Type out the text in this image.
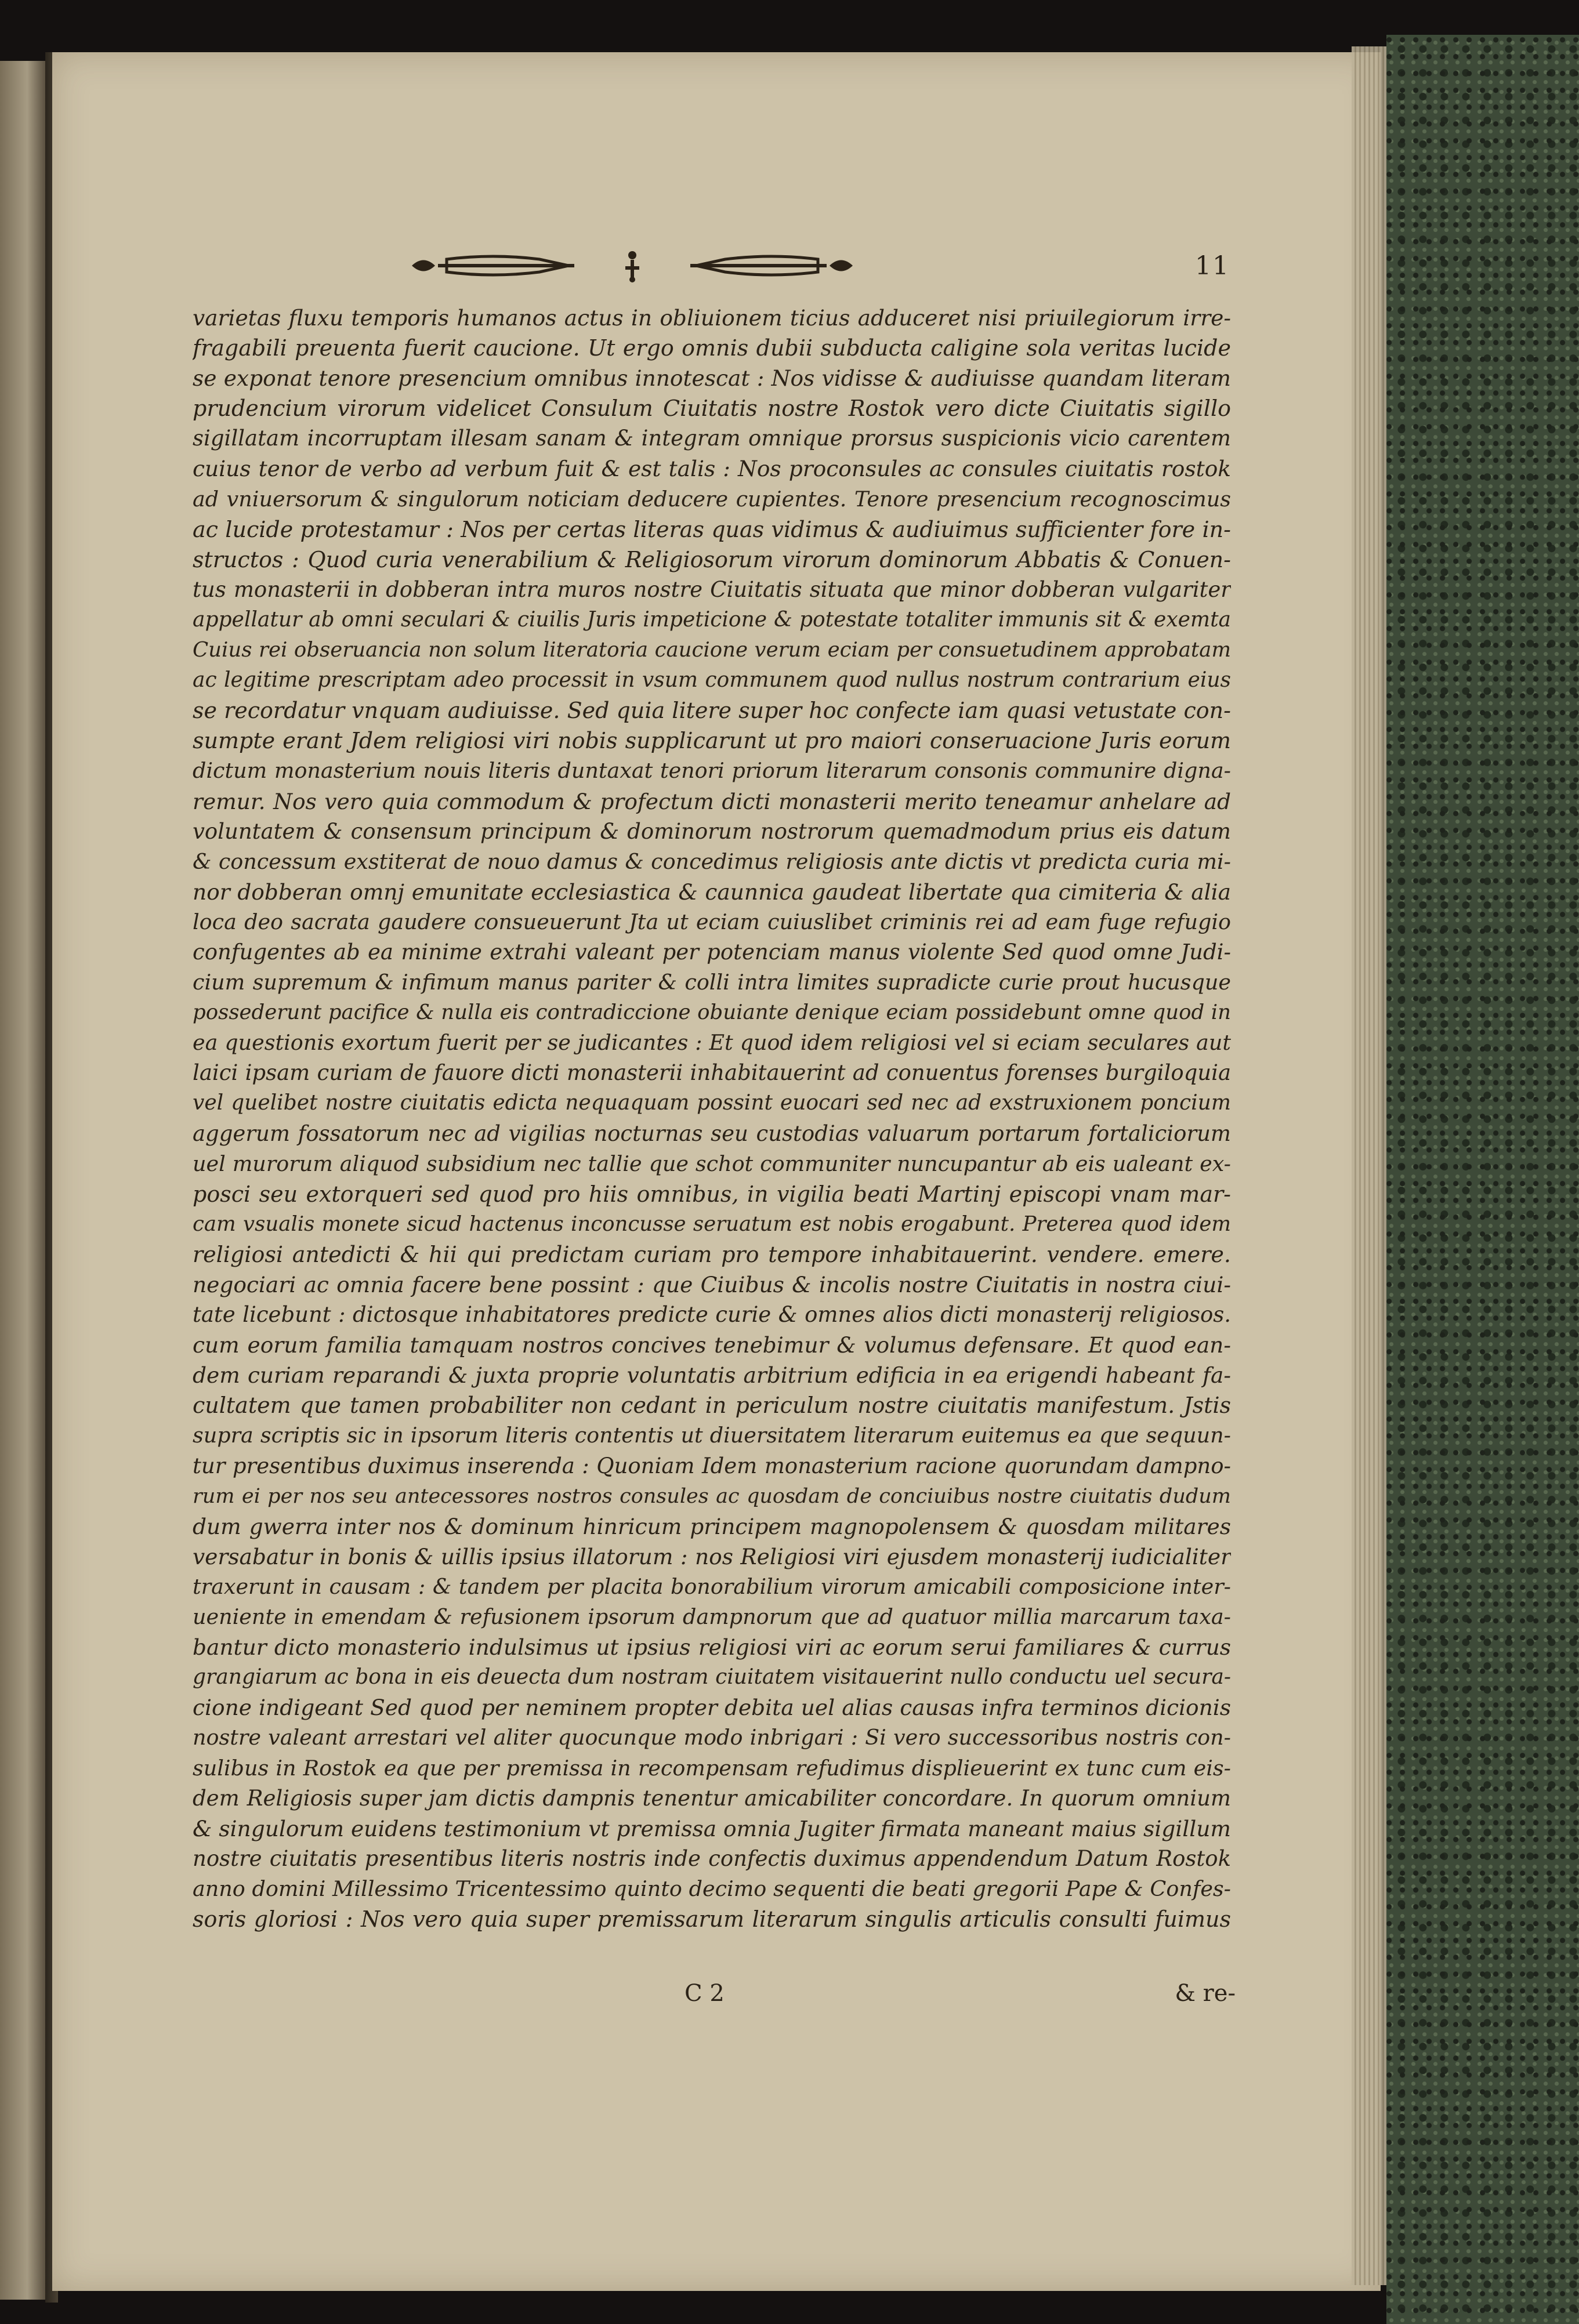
11
varietas fluxu temporis humanos actus in obliuionem ticius adduceret nisi priuilegiorum irre-
fragabili preuenta fuerit caucione. Ut ergo omnis dubii subducta caligine sola veritas lucide
se exponat tenore presencium omnibus innotescat : Nos vidisse & audiuisse quandam literam
prudencium virorum videlicet Consulum Ciuitatis nostre Rostok vero dicte Ciuitatis sigillo
sigillatam incorruptam illesam sanam & integram omnique prorsus suspicionis vicio carentem
cuius tenor de verbo ad verbum fuit & est talis : Nos proconsules ac consules ciuitatis rostok
ad vniuersorum & singulorum noticiam deducere cupientes. Tenore presencium recognoscimus
ac lucide protestamur : Nos per certas literas quas vidimus & audiuimus sufficienter fore in-
structos : Quod curia venerabilium & Religiosorum virorum dominorum Abbatis & Conuen-
tus monasterii in dobberan intra muros nostre Ciuitatis situata que minor dobberan vulgariter
appellatur ab omni seculari & ciuilis Juris impeticione & potestate totaliter immunis sit & exemta
Cuius rei obseruancia non solum literatoria caucione verum eciam per consuetudinem approbatam
ac legitime prescriptam adeo processit in vsum communem quod nullus nostrum contrarium eius
se recordatur vnquam audiuisse. Sed quia litere super hoc confecte iam quasi vetustate con-
sumpte erant Jdem religiosi viri nobis supplicarunt ut pro maiori conseruacione Juris eorum
dictum monasterium nouis literis duntaxat tenori priorum literarum consonis communire digna-
remur. Nos vero quia commodum & profectum dicti monasterii merito teneamur anhelare ad
voluntatem & consensum principum & dominorum nostrorum quemadmodum prius eis datum
& concessum exstiterat de nouo damus & concedimus religiosis ante dictis vt predicta curia mi-
nor dobberan omnj emunitate ecclesiastica & caunnica gaudeat libertate qua cimiteria & alia
loca deo sacrata gaudere consueuerunt Jta ut eciam cuiuslibet criminis rei ad eam fuge refugio
confugentes ab ea minime extrahi valeant per potenciam manus violente Sed quod omne Judi-
cium supremum & infimum manus pariter & colli intra limites supradicte curie prout hucusque
possederunt pacifice & nulla eis contradiccione obuiante denique eciam possidebunt omne quod in
ea questionis exortum fuerit per se judicantes : Et quod idem religiosi vel si eciam seculares aut
laici ipsam curiam de fauore dicti monasterii inhabitauerint ad conuentus forenses burgiloquia
vel quelibet nostre ciuitatis edicta nequaquam possint euocari sed nec ad exstruxionem poncium
aggerum fossatorum nec ad vigilias nocturnas seu custodias valuarum portarum fortaliciorum
uel murorum aliquod subsidium nec tallie que schot communiter nuncupantur ab eis ualeant ex-
posci seu extorqueri sed quod pro hiis omnibus, in vigilia beati Martinj episcopi vnam mar-
cam vsualis monete sicud hactenus inconcusse seruatum est nobis erogabunt. Preterea quod idem
religiosi antedicti & hii qui predictam curiam pro tempore inhabitauerint. vendere. emere.
negociari ac omnia facere bene possint : que Ciuibus & incolis nostre Ciuitatis in nostra ciui-
tate licebunt : dictosque inhabitatores predicte curie & omnes alios dicti monasterij religiosos.
cum eorum familia tamquam nostros concives tenebimur & volumus defensare. Et quod ean-
dem curiam reparandi & juxta proprie voluntatis arbitrium edificia in ea erigendi habeant fa-
cultatem que tamen probabiliter non cedant in periculum nostre ciuitatis manifestum. Jstis
supra scriptis sic in ipsorum literis contentis ut diuersitatem literarum euitemus ea que sequun-
tur presentibus duximus inserenda : Quoniam Idem monasterium racione quorundam dampno-
rum ei per nos seu antecessores nostros consules ac quosdam de conciuibus nostre ciuitatis dudum
dum gwerra inter nos & dominum hinricum principem magnopolensem & quosdam militares
versabatur in bonis & uillis ipsius illatorum : nos Religiosi viri ejusdem monasterij iudicialiter
traxerunt in causam : & tandem per placita bonorabilium virorum amicabili composicione inter-
ueniente in emendam & refusionem ipsorum dampnorum que ad quatuor millia marcarum taxa-
bantur dicto monasterio indulsimus ut ipsius religiosi viri ac eorum serui familiares & currus
grangiarum ac bona in eis deuecta dum nostram ciuitatem visitauerint nullo conductu uel secura-
cione indigeant Sed quod per neminem propter debita uel alias causas infra terminos dicionis
nostre valeant arrestari vel aliter quocunque modo inbrigari : Si vero successoribus nostris con-
sulibus in Rostok ea que per premissa in recompensam refudimus displieuerint ex tunc cum eis-
dem Religiosis super jam dictis dampnis tenentur amicabiliter concordare. In quorum omnium
& singulorum euidens testimonium vt premissa omnia Jugiter firmata maneant maius sigillum
nostre ciuitatis presentibus literis nostris inde confectis duximus appendendum Datum Rostok
anno domini Millessimo Tricentessimo quinto decimo sequenti die beati gregorii Pape & Confes-
soris gloriosi : Nos vero quia super premissarum literarum singulis articulis consulti fuimus
C 2	& re-
